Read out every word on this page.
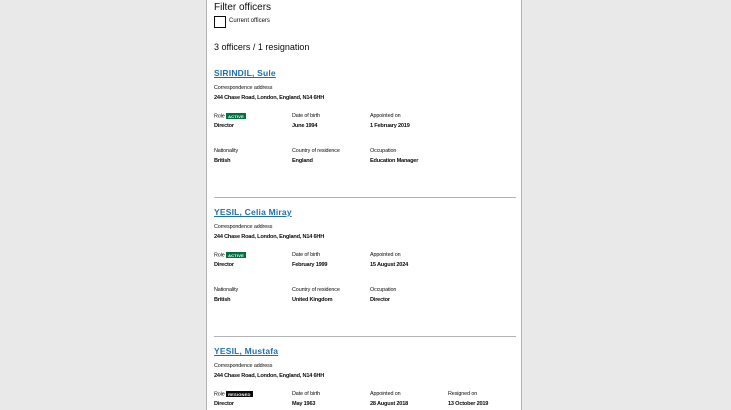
Filter officers
Current officers
3 officers / 1 resignation
SIRINDIL, Sule
Correspondence address
244 Chase Road, London, England, N14 6HH
Role ACTIVE
Director
Date of birth
June 1994
Appointed on
1 February 2019
Nationality
British
Country of residence
England
Occupation
Education Manager
YESIL, Celia Miray
Correspondence address
244 Chase Road, London, England, N14 6HH
Role ACTIVE
Director
Date of birth
February 1999
Appointed on
15 August 2024
Nationality
British
Country of residence
United Kingdom
Occupation
Director
YESIL, Mustafa
Correspondence address
244 Chase Road, London, England, N14 6HH
Role RESIGNED
Director
Date of birth
May 1963
Appointed on
28 August 2018
Resigned on
13 October 2019
